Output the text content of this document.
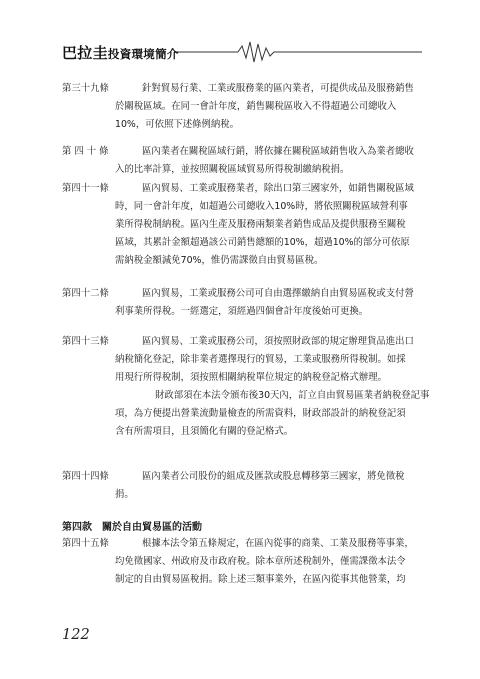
巴拉圭投資環境簡介
第三十九條	針對貿易行業、工業或服務業的區內業者，可提供成品及服務銷售
於關稅區域。在同一會計年度，銷售關稅區收入不得超過公司總收入
10%，可依照下述條例納稅。
第 四 十 條	區內業者在關稅區域行銷，將依據在關稅區域銷售收入為業者總收
入的比率計算，並按照關稅區域貿易所得稅制繳納稅捐。
第四十一條	區內貿易、工業或服務業者，除出口第三國家外，如銷售關稅區域
時，同一會計年度，如超過公司總收入10%時，將依照關稅區域營利事
業所得稅制納稅。區內生產及服務兩類業者銷售成品及提供服務至關稅
區域，其累計金額超過該公司銷售總額的10%，超過10%的部分可依原
需納稅金額減免70%，惟仍需課徵自由貿易區稅。
第四十二條	區內貿易，工業或服務公司可自由選擇繳納自由貿易區稅或支付營
利事業所得稅。一經選定，須經過四個會計年度後始可更換。
第四十三條	區內貿易、工業或服務公司，須按照財政部的規定辦理貨品進出口
納稅簡化登記，除非業者選擇現行的貿易，工業或服務所得稅制。如採
用現行所得稅制，須按照相關納稅單位規定的納稅登記格式辦理。
財政部須在本法令頒布後30天內，訂立自由貿易區業者納稅登記事
項，為方便提出營業流動量檢查的所需資料，財政部設計的納稅登記須
含有所需項目，且須簡化有關的登記格式。
第四十四條	區內業者公司股份的組成及匯款或股息轉移第三國家，將免徵稅
捐。
第四款　關於自由貿易區的活動
第四十五條	根據本法令第五條規定，在區內從事的商業、工業及服務等事業，
均免徵國家、州政府及市政府稅。除本章所述稅制外，僅需課徵本法令
制定的自由貿易區稅捐。除上述三類事業外，在區內從事其他營業，均
122
